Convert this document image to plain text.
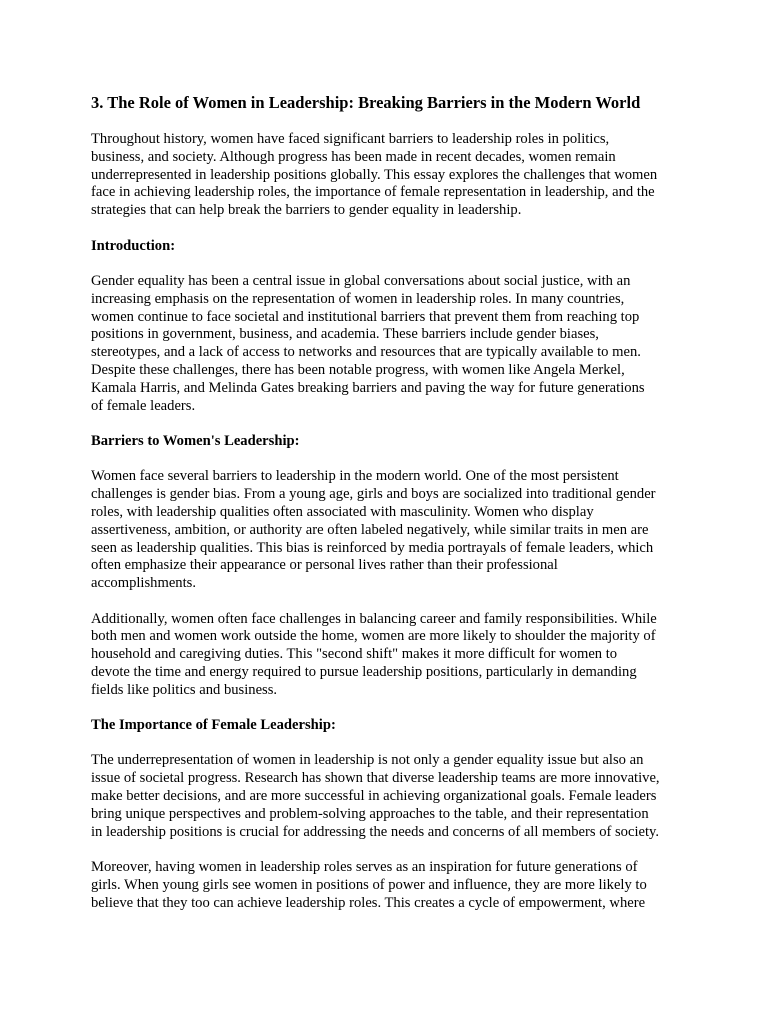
3. The Role of Women in Leadership: Breaking Barriers in the Modern World

Throughout history, women have faced significant barriers to leadership roles in politics,
business, and society. Although progress has been made in recent decades, women remain
underrepresented in leadership positions globally. This essay explores the challenges that women
face in achieving leadership roles, the importance of female representation in leadership, and the
strategies that can help break the barriers to gender equality in leadership.

Introduction:

Gender equality has been a central issue in global conversations about social justice, with an
increasing emphasis on the representation of women in leadership roles. In many countries,
women continue to face societal and institutional barriers that prevent them from reaching top
positions in government, business, and academia. These barriers include gender biases,
stereotypes, and a lack of access to networks and resources that are typically available to men.
Despite these challenges, there has been notable progress, with women like Angela Merkel,
Kamala Harris, and Melinda Gates breaking barriers and paving the way for future generations
of female leaders.

Barriers to Women's Leadership:

Women face several barriers to leadership in the modern world. One of the most persistent
challenges is gender bias. From a young age, girls and boys are socialized into traditional gender
roles, with leadership qualities often associated with masculinity. Women who display
assertiveness, ambition, or authority are often labeled negatively, while similar traits in men are
seen as leadership qualities. This bias is reinforced by media portrayals of female leaders, which
often emphasize their appearance or personal lives rather than their professional
accomplishments.

Additionally, women often face challenges in balancing career and family responsibilities. While
both men and women work outside the home, women are more likely to shoulder the majority of
household and caregiving duties. This "second shift" makes it more difficult for women to
devote the time and energy required to pursue leadership positions, particularly in demanding
fields like politics and business.

The Importance of Female Leadership:

The underrepresentation of women in leadership is not only a gender equality issue but also an
issue of societal progress. Research has shown that diverse leadership teams are more innovative,
make better decisions, and are more successful in achieving organizational goals. Female leaders
bring unique perspectives and problem-solving approaches to the table, and their representation
in leadership positions is crucial for addressing the needs and concerns of all members of society.

Moreover, having women in leadership roles serves as an inspiration for future generations of
girls. When young girls see women in positions of power and influence, they are more likely to
believe that they too can achieve leadership roles. This creates a cycle of empowerment, where
